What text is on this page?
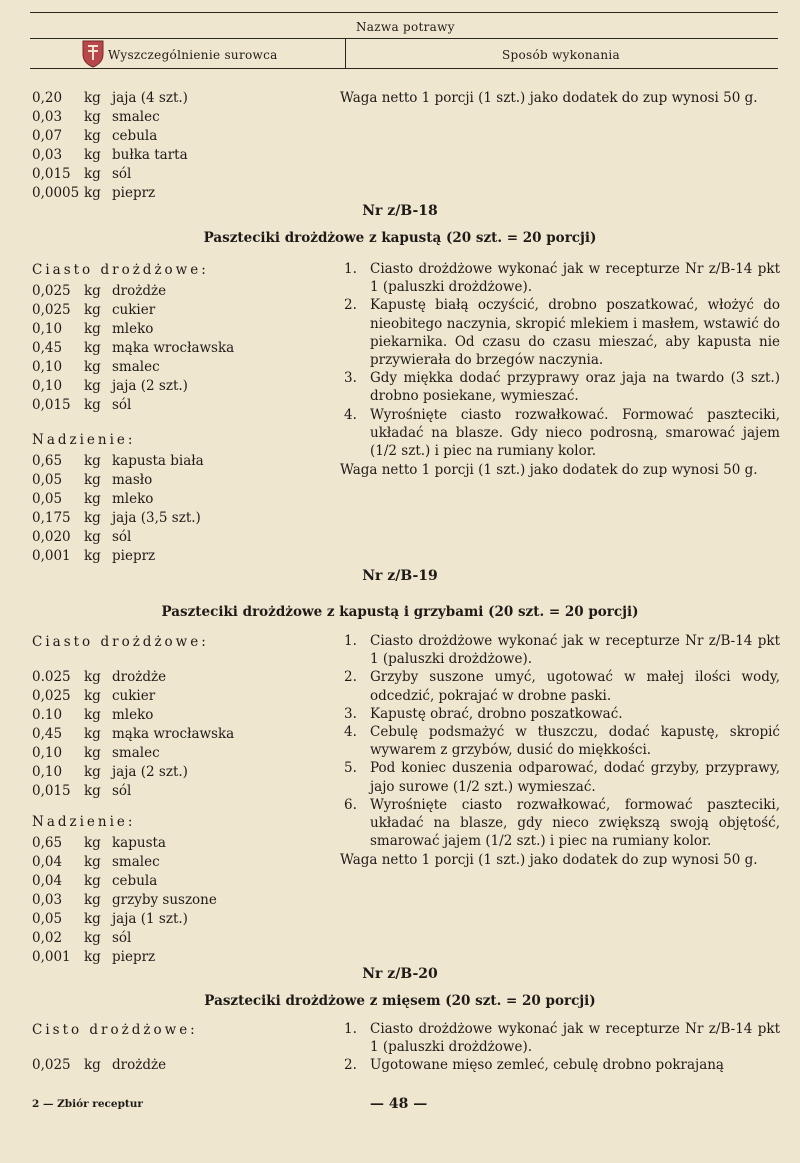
Nazwa potrawy
Wyszczególnienie surowca	Sposób wykonania
0,20	kg jaja (4 szt.)
0,03	kg smalec
0,07	kg cebula
0,03	kg bułka tarta
0,015 kg sól
0,0005 kg pieprz
Waga netto 1 porcji (1 szt.) jako dodatek do zup wynosi 50 g.
Nr z/B-18
Paszteciki drożdżowe z kapustą (20 szt. = 20 porcji)
Ciasto drożdżowe:
0,025 kg drożdże
0,025 kg cukier
0,10	kg mleko
0,45	kg mąka wrocławska
0,10	kg smalec
0,10	kg jaja (2 szt.)
0,015 kg sól
Nadzienie:
0,65	kg kapusta biała
0,05	kg masło
0,05	kg mleko
0,175 kg jaja (3,5 szt.)
0,020 kg sól
0,001 kg pieprz
1. Ciasto drożdżowe wykonać jak w recepturze Nr z/B-14 pkt 1 (paluszki drożdżowe).
2. Kapustę białą oczyścić, drobno poszatkować, włożyć do nieobitego naczynia, skropić mlekiem i masłem, wstawić do piekarnika. Od czasu do czasu mieszać, aby kapusta nie przywierała do brzegów naczynia.
3. Gdy miękka dodać przyprawy oraz jaja na twardo (3 szt.) drobno posiekane, wymieszać.
4. Wyrośnięte ciasto rozwałkować. Formować paszteciki, układać na blasze. Gdy nieco podrosną, smarować jajem (1/2 szt.) i piec na rumiany kolor.
Waga netto 1 porcji (1 szt.) jako dodatek do zup wynosi 50 g.
Nr z/B-19
Paszteciki drożdżowe z kapustą i grzybami (20 szt. = 20 porcji)
Ciasto drożdżowe:
0.025 kg drożdże
0,025 kg cukier
0.10	kg mleko
0,45	kg mąka wrocławska
0,10	kg smalec
0,10	kg jaja (2 szt.)
0,015 kg sól
Nadzienie:
0,65	kg kapusta
0,04	kg smalec
0,04	kg cebula
0,03	kg grzyby suszone
0,05	kg jaja (1 szt.)
0,02	kg sól
0,001 kg pieprz
1. Ciasto drożdżowe wykonać jak w recepturze Nr z/B-14 pkt 1 (paluszki drożdżowe).
2. Grzyby suszone umyć, ugotować w małej ilości wody, odcedzić, pokrajać w drobne paski.
3. Kapustę obrać, drobno poszatkować.
4. Cebulę podsmażyć w tłuszczu, dodać kapustę, skropić wywarem z grzybów, dusić do miękkości.
5. Pod koniec duszenia odparować, dodać grzyby, przyprawy, jajo surowe (1/2 szt.) wymieszać.
6. Wyrośnięte ciasto rozwałkować, formować paszteciki, układać na blasze, gdy nieco zwiększą swoją objętość, smarować jajem (1/2 szt.) i piec na rumiany kolor.
Waga netto 1 porcji (1 szt.) jako dodatek do zup wynosi 50 g.
Nr z/B-20
Paszteciki drożdżowe z mięsem (20 szt. = 20 porcji)
Cisto drożdżowe:
0,025 kg drożdże
1. Ciasto drożdżowe wykonać jak w recepturze Nr z/B-14 pkt 1 (paluszki drożdżowe).
2. Ugotowane mięso zemleć, cebulę drobno pokrajaną
2 — Zbiór receptur	— 48 —
